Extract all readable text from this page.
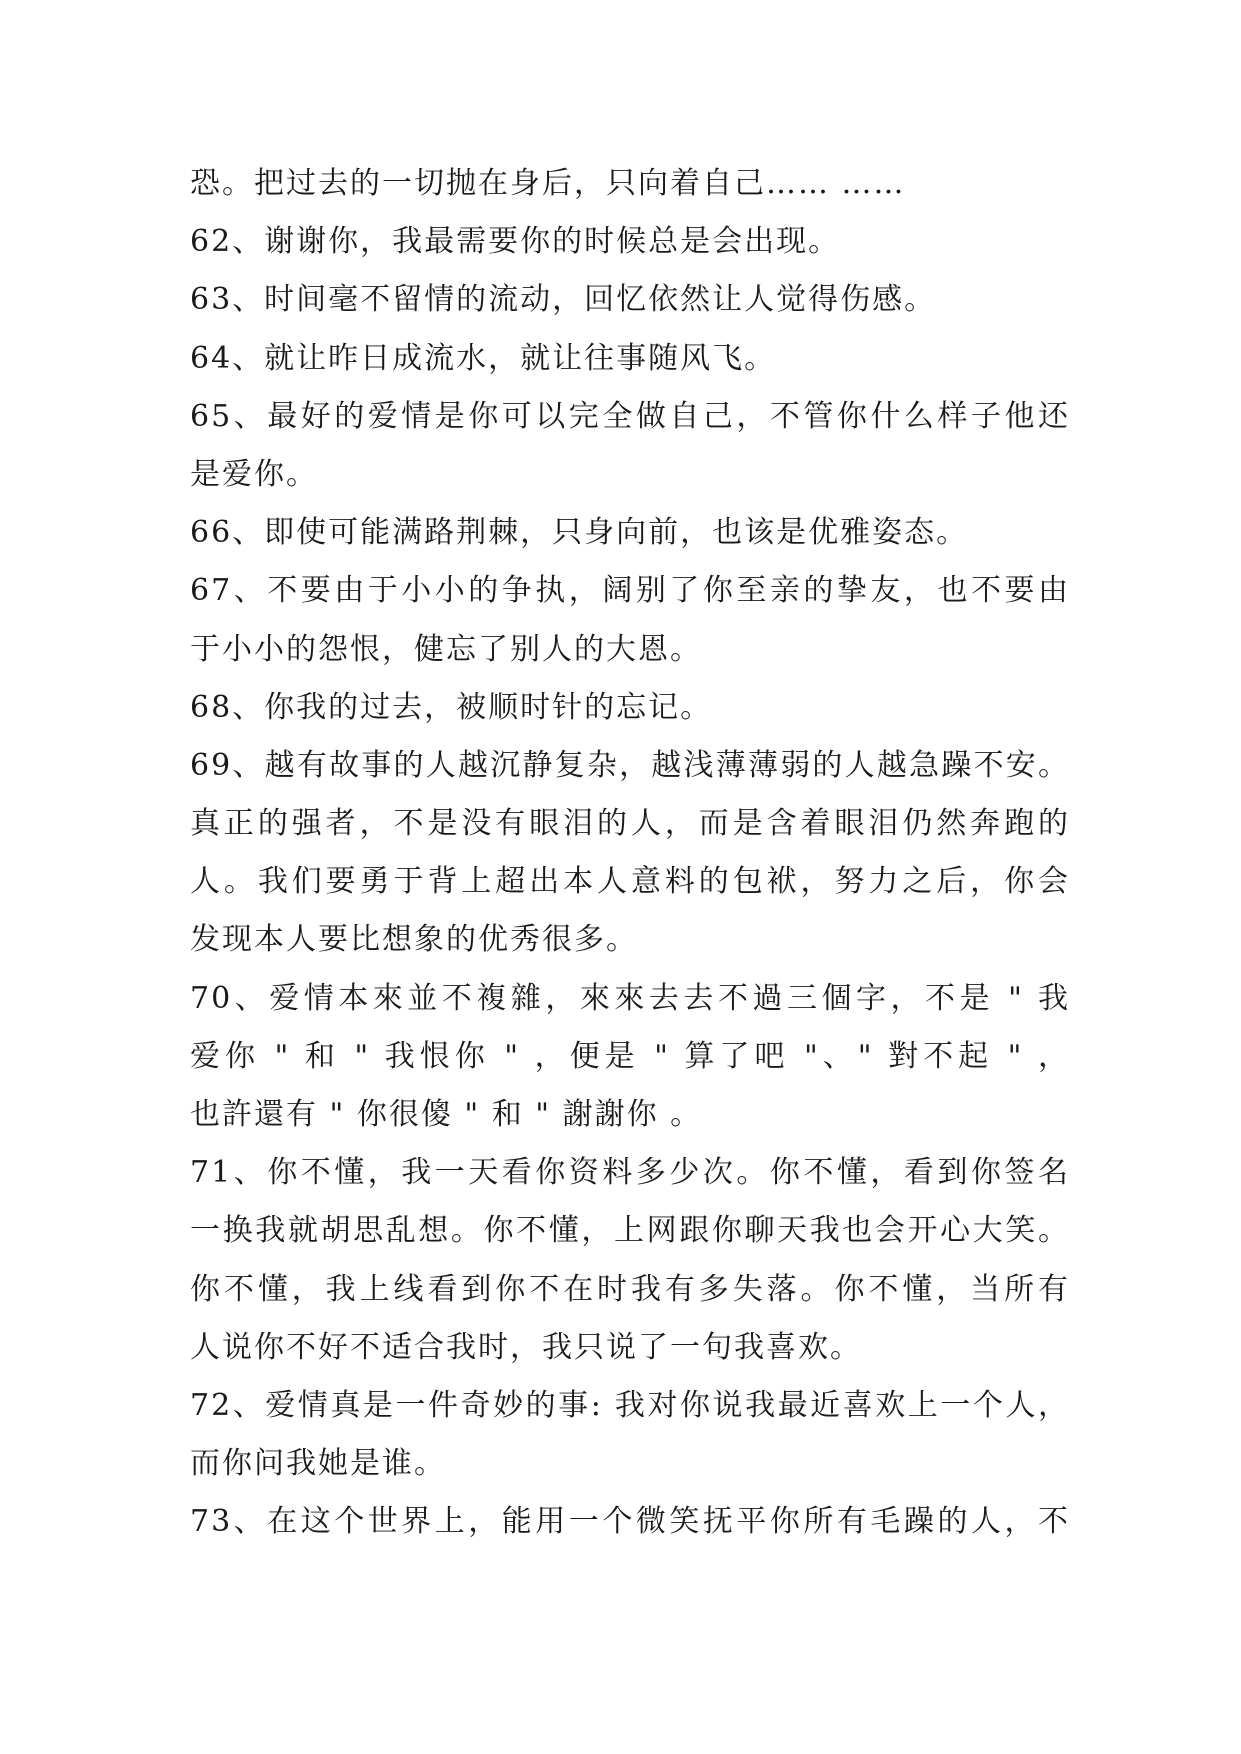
恐。把过去的一切抛在身后，只向着自己…… ……
62、谢谢你，我最需要你的时候总是会出现。
63、时间毫不留情的流动，回忆依然让人觉得伤感。
64、就让昨日成流水，就让往事随风飞。
65、最好的爱情是你可以完全做自己，不管你什么样子他还
是爱你。
66、即使可能满路荆棘，只身向前，也该是优雅姿态。
67、不要由于小小的争执，阔别了你至亲的挚友，也不要由
于小小的怨恨，健忘了别人的大恩。
68、你我的过去，被顺时针的忘记。
69、越有故事的人越沉静复杂，越浅薄薄弱的人越急躁不安。
真正的强者，不是没有眼泪的人，而是含着眼泪仍然奔跑的
人。我们要勇于背上超出本人意料的包袱，努力之后，你会
发现本人要比想象的优秀很多。
70、爱情本來並不複雜，來來去去不過三個字，不是 " 我
爱你 " 和 " 我恨你 " ，便是 " 算了吧 "、" 對不起 " ，
也許還有 " 你很傻 " 和 " 謝謝你 。
71、你不懂，我一天看你资料多少次。你不懂，看到你签名
一换我就胡思乱想。你不懂，上网跟你聊天我也会开心大笑。
你不懂，我上线看到你不在时我有多失落。你不懂，当所有
人说你不好不适合我时，我只说了一句我喜欢。
72、爱情真是一件奇妙的事: 我对你说我最近喜欢上一个人，
而你问我她是谁。
73、在这个世界上，能用一个微笑抚平你所有毛躁的人，不
